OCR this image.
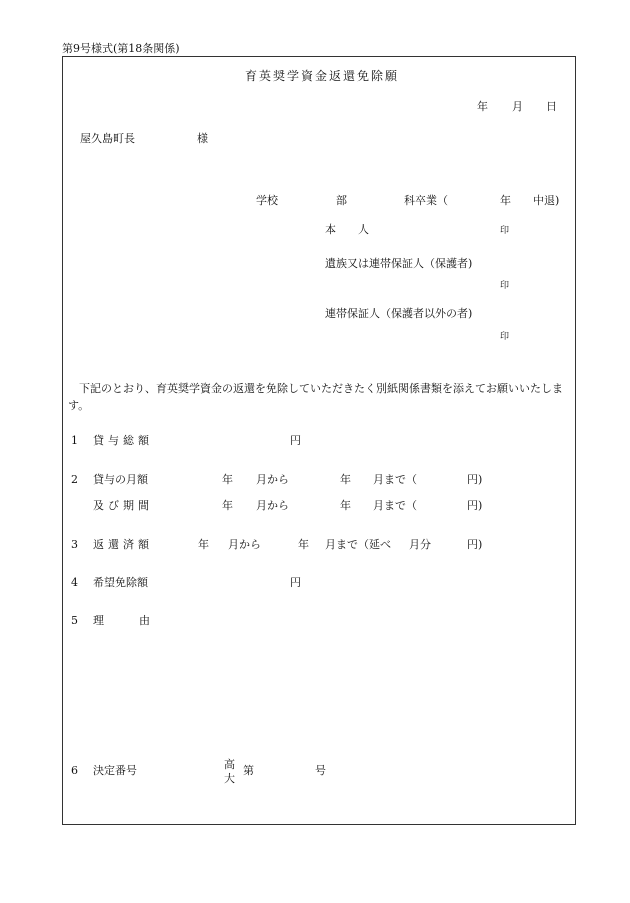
第9号様式(第18条関係)
育英奨学資金返還免除願
年 月 日
屋久島町長	様
学校	部	科卒業（	年 中退)
本　　人	印
遺族又は連帯保証人（保護者)
印
連帯保証人（保護者以外の者)
印
下記のとおり、育英奨学資金の返還を免除していただきたく別紙関係書類を添えてお願いいたします。
1 貸与総額	円
2 貸与の月額	年 月から	年 月まで（	円)
及び期間	年 月から	年 月まで（	円)
3 返還済額	年 月から	年 月まで（延べ 月分	円)
4 希望免除額	円
5 理	由
6 決定番号	高
大
第	号
